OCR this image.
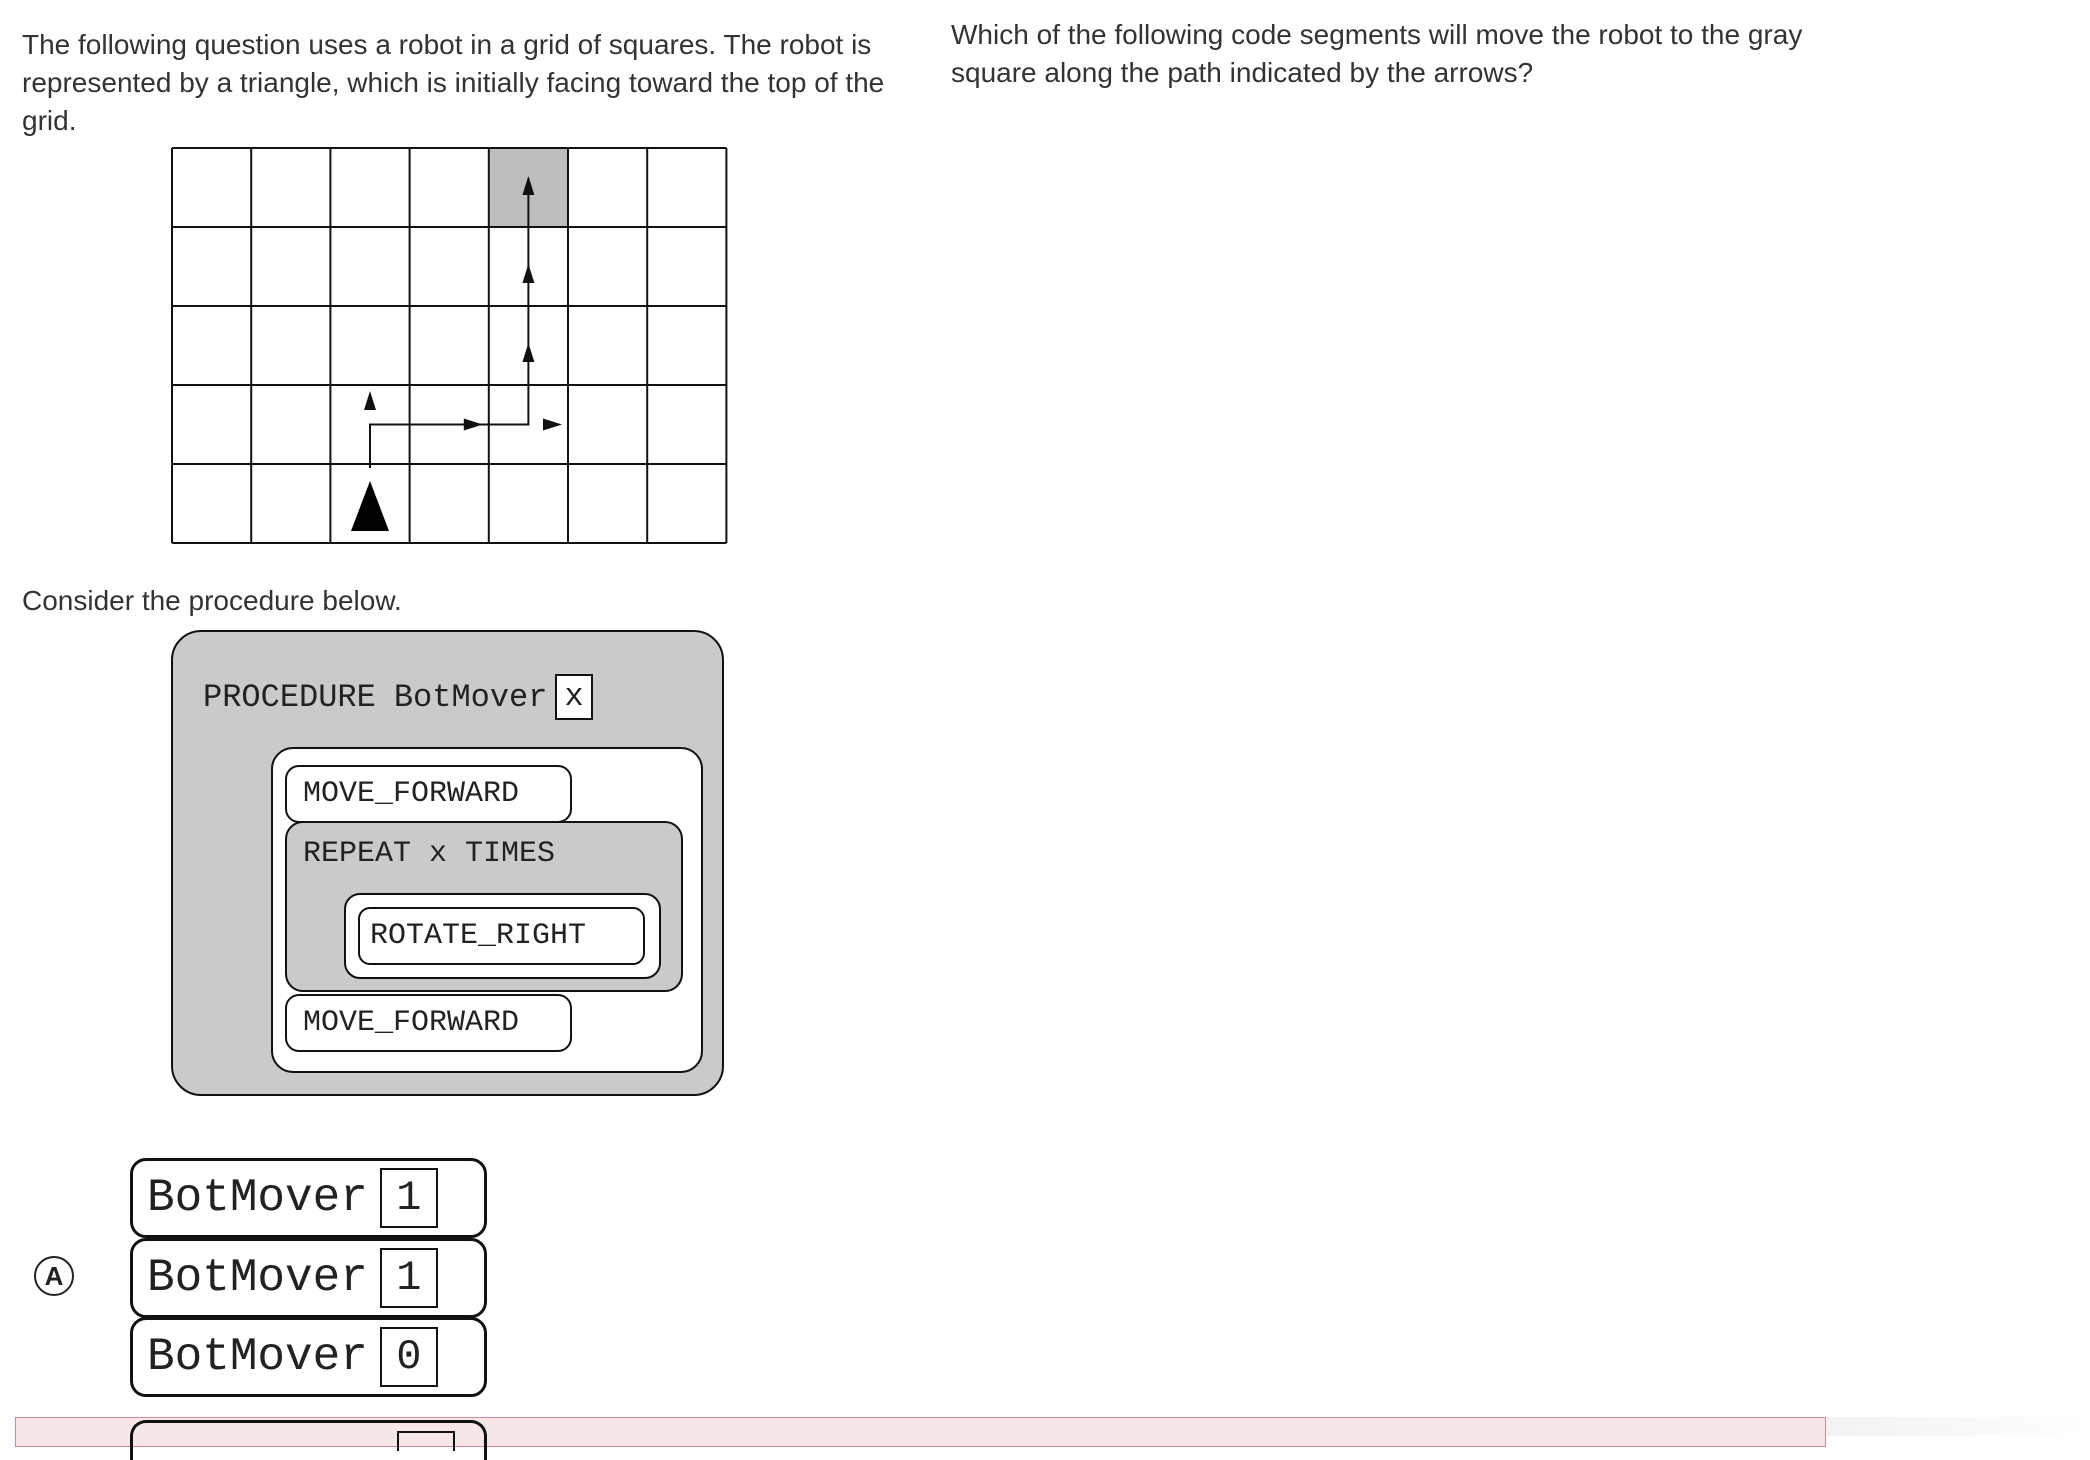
The following question uses a robot in a grid of squares. The robot is represented by a triangle, which is initially facing toward the top of the grid.
Which of the following code segments will move the robot to the gray square along the path indicated by the arrows?
Consider the procedure below.
PROCEDURE BotMover x
MOVE_FORWARD
REPEAT x TIMES
ROTATE_RIGHT
MOVE_FORWARD
A
BotMover 1
BotMover 1
BotMover 0
